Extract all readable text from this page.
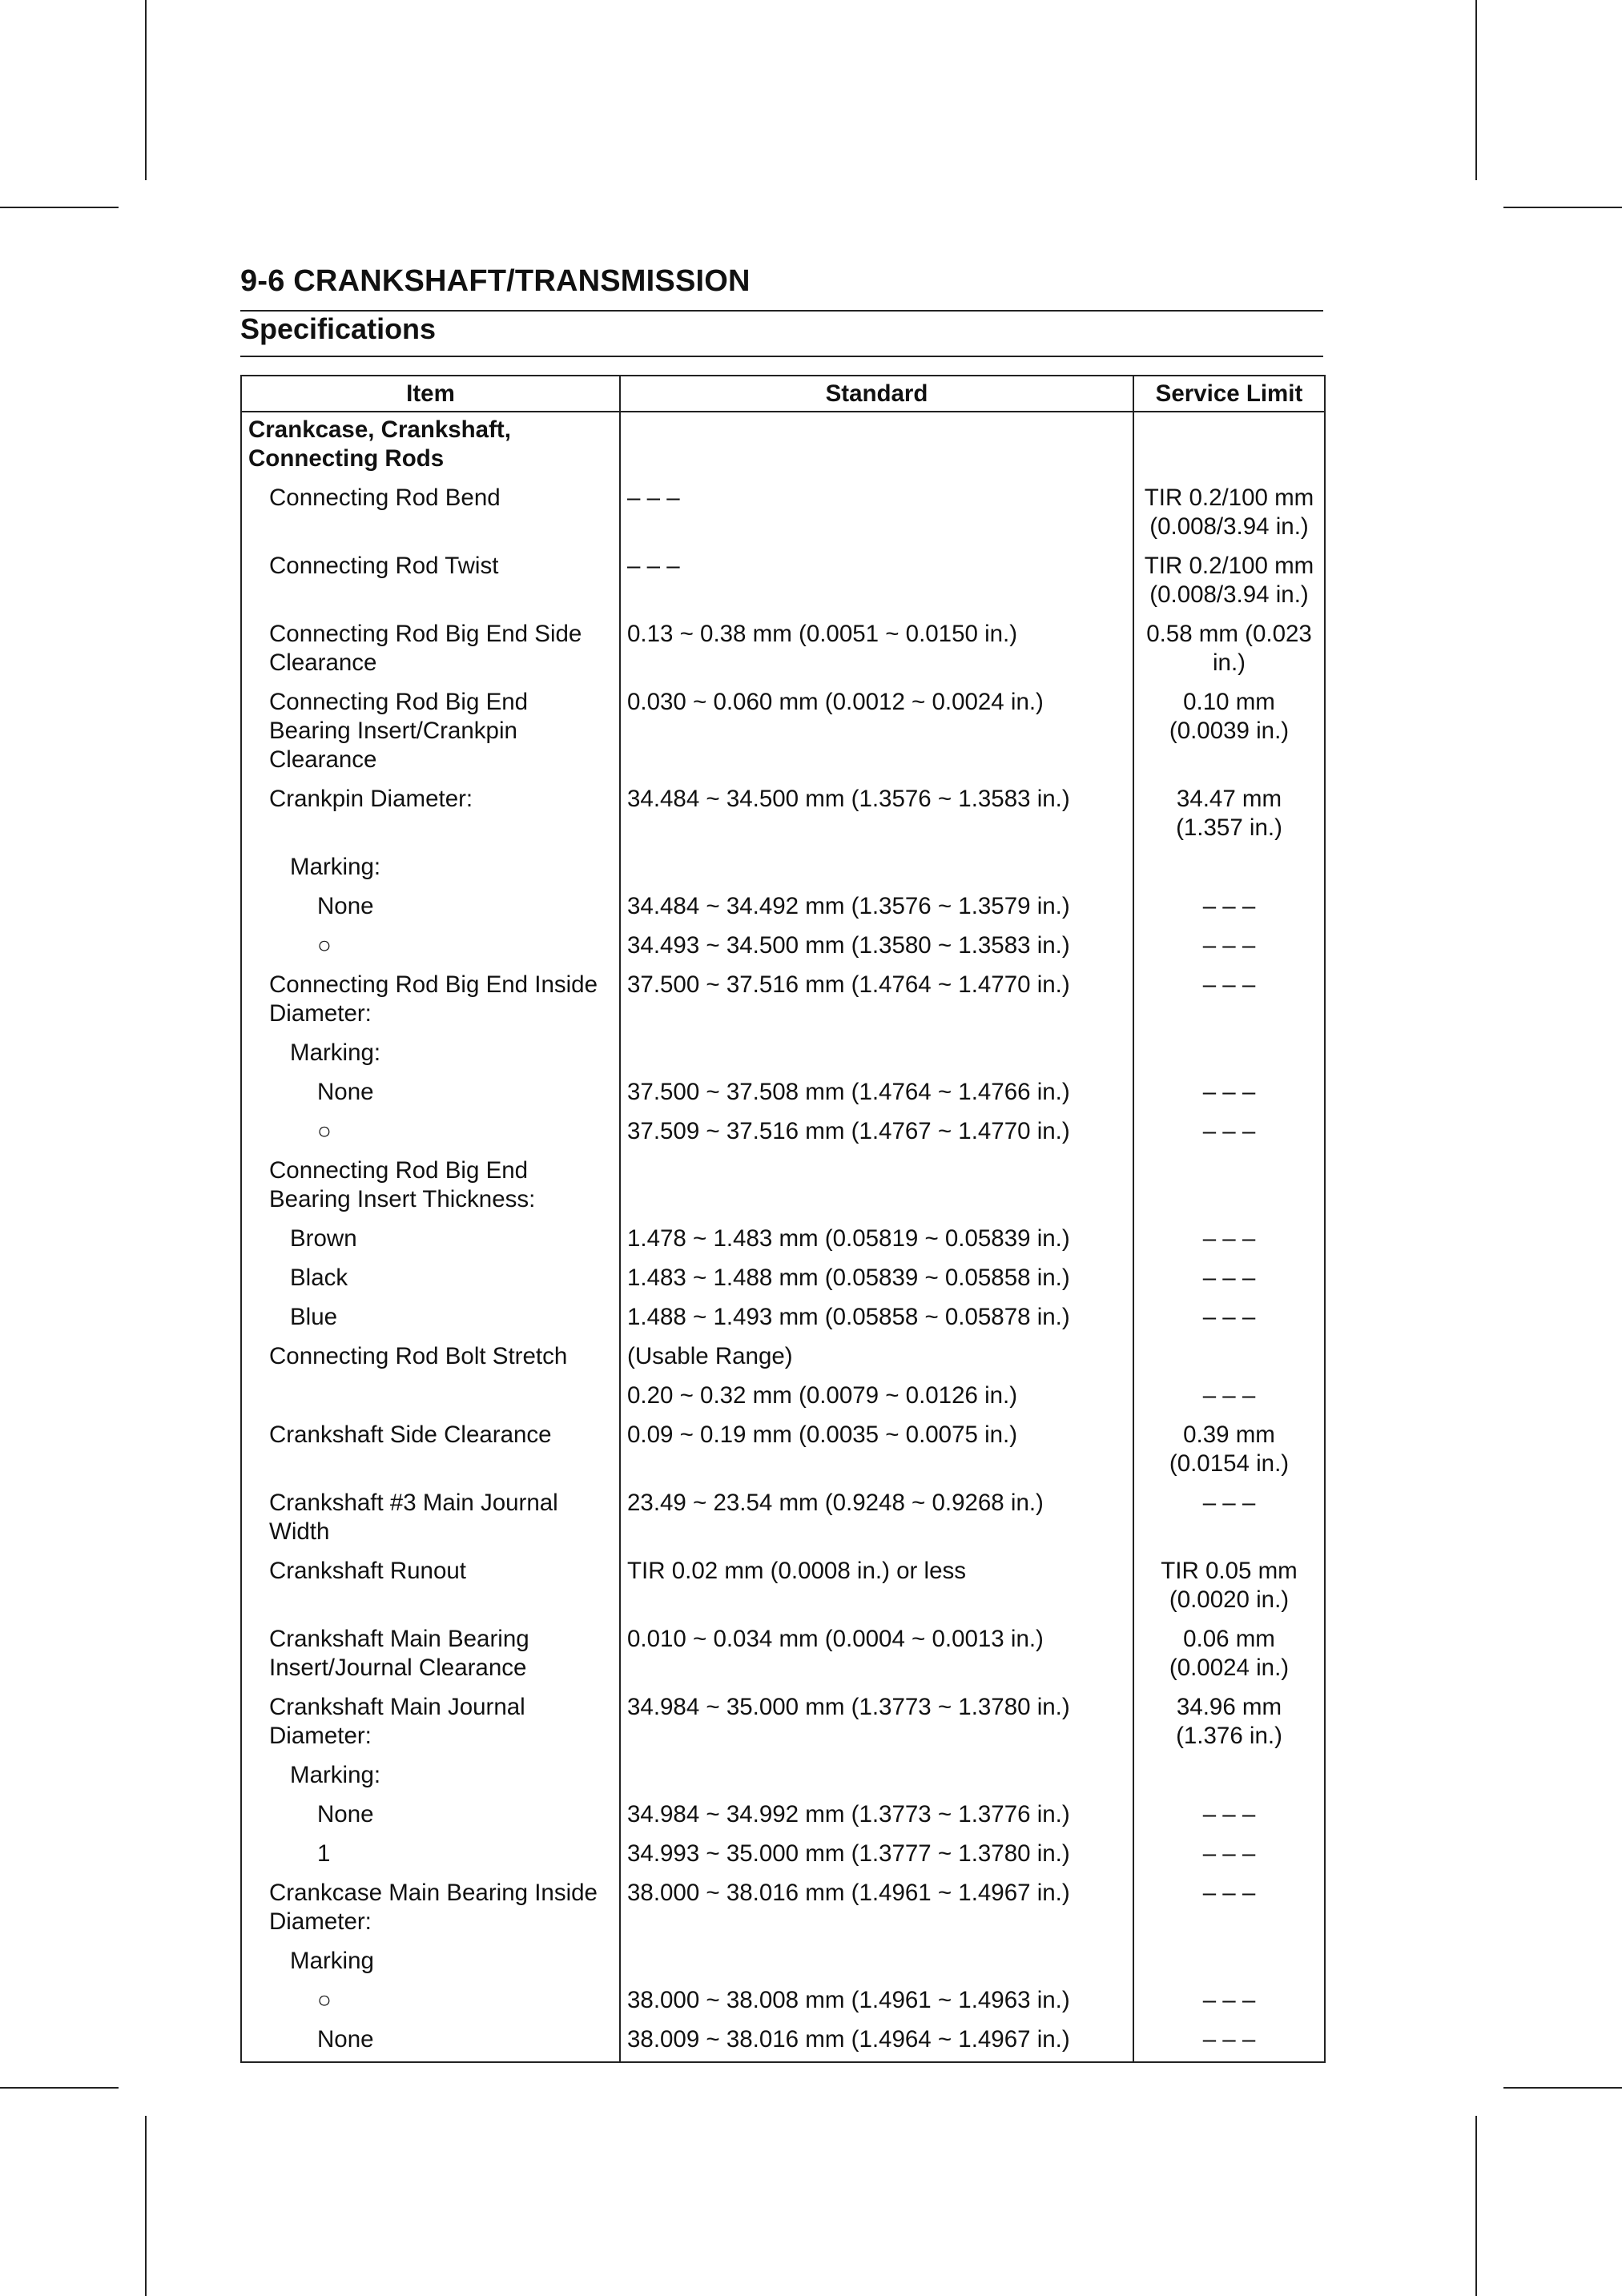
9-6 CRANKSHAFT/TRANSMISSION
Specifications
Item	Standard	Service Limit
Crankcase, Crankshaft, Connecting Rods		
Connecting Rod Bend	– – –	TIR 0.2/100 mm (0.008/3.94 in.)
Connecting Rod Twist	– – –	TIR 0.2/100 mm (0.008/3.94 in.)
Connecting Rod Big End Side Clearance	0.13 ~ 0.38 mm (0.0051 ~ 0.0150 in.)	0.58 mm (0.023 in.)
Connecting Rod Big End Bearing Insert/Crankpin Clearance	0.030 ~ 0.060 mm (0.0012 ~ 0.0024 in.)	0.10 mm (0.0039 in.)
Crankpin Diameter:	34.484 ~ 34.500 mm (1.3576 ~ 1.3583 in.)	34.47 mm (1.357 in.)
Marking:		
None	34.484 ~ 34.492 mm (1.3576 ~ 1.3579 in.)	– – –
○	34.493 ~ 34.500 mm (1.3580 ~ 1.3583 in.)	– – –
Connecting Rod Big End Inside Diameter:	37.500 ~ 37.516 mm (1.4764 ~ 1.4770 in.)	– – –
Marking:		
None	37.500 ~ 37.508 mm (1.4764 ~ 1.4766 in.)	– – –
○	37.509 ~ 37.516 mm (1.4767 ~ 1.4770 in.)	– – –
Connecting Rod Big End Bearing Insert Thickness:		
Brown	1.478 ~ 1.483 mm (0.05819 ~ 0.05839 in.)	– – –
Black	1.483 ~ 1.488 mm (0.05839 ~ 0.05858 in.)	– – –
Blue	1.488 ~ 1.493 mm (0.05858 ~ 0.05878 in.)	– – –
Connecting Rod Bolt Stretch	(Usable Range)	
	0.20 ~ 0.32 mm (0.0079 ~ 0.0126 in.)	– – –
Crankshaft Side Clearance	0.09 ~ 0.19 mm (0.0035 ~ 0.0075 in.)	0.39 mm (0.0154 in.)
Crankshaft #3 Main Journal Width	23.49 ~ 23.54 mm (0.9248 ~ 0.9268 in.)	– – –
Crankshaft Runout	TIR 0.02 mm (0.0008 in.) or less	TIR 0.05 mm (0.0020 in.)
Crankshaft Main Bearing Insert/Journal Clearance	0.010 ~ 0.034 mm (0.0004 ~ 0.0013 in.)	0.06 mm (0.0024 in.)
Crankshaft Main Journal Diameter:	34.984 ~ 35.000 mm (1.3773 ~ 1.3780 in.)	34.96 mm (1.376 in.)
Marking:		
None	34.984 ~ 34.992 mm (1.3773 ~ 1.3776 in.)	– – –
1	34.993 ~ 35.000 mm (1.3777 ~ 1.3780 in.)	– – –
Crankcase Main Bearing Inside Diameter:	38.000 ~ 38.016 mm (1.4961 ~ 1.4967 in.)	– – –
Marking		
○	38.000 ~ 38.008 mm (1.4961 ~ 1.4963 in.)	– – –
None	38.009 ~ 38.016 mm (1.4964 ~ 1.4967 in.)	– – –
